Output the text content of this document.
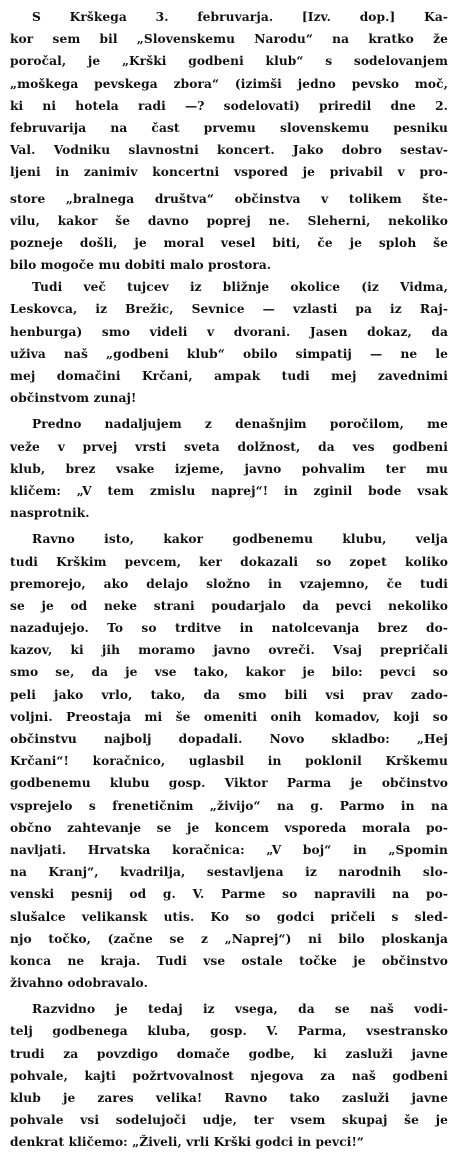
S Krškega 3. februvarja. [Izv. dop.] Ka-
kor sem bil „Slovenskemu Narodu“ na kratko že
poročal, je „Krški godbeni klub“ s sodelovanjem
„moškega pevskega zbora“ (izimši jedno pevsko moč,
ki ni hotela radi —? sodelovati) priredil dne 2.
februvarija na čast prvemu slovenskemu pesniku
Val. Vodniku slavnostni koncert. Jako dobro sestav-
ljeni in zanimiv koncertni vspored je privabil v pro-
store „bralnega društva“ občinstva v tolikem šte-
vilu, kakor še davno poprej ne. Sleherni, nekoliko
pozneje došli, je moral vesel biti, če je sploh še
bilo mogoče mu dobiti malo prostora.
Tudi več tujcev iz bližnje okolice (iz Vidma,
Leskovca, iz Brežic, Sevnice — vzlasti pa iz Raj-
henburga) smo videli v dvorani. Jasen dokaz, da
uživa naš „godbeni klub“ obilo simpatij — ne le
mej domačini Krčani, ampak tudi mej zavednimi
občinstvom zunaj!
Predno nadaljujem z denašnjim poročilom, me
veže v prvej vrsti sveta dolžnost, da ves godbeni
klub, brez vsake izjeme, javno pohvalim ter mu
kličem: „V tem zmislu naprej“! in zginil bode vsak
nasprotnik.
Ravno isto, kakor godbenemu klubu, velja
tudi Krškim pevcem, ker dokazali so zopet koliko
premorejo, ako delajo složno in vzajemno, če tudi
se je od neke strani poudarjalo da pevci nekoliko
nazadujejo. To so trditve in natolcevanja brez do-
kazov, ki jih moramo javno ovreči. Vsaj prepričali
smo se, da je vse tako, kakor je bilo: pevci so
peli jako vrlo, tako, da smo bili vsi prav zado-
voljni. Preostaja mi še omeniti onih komadov, koji so
občinstvu najbolj dopadali. Novo skladbo: „Hej
Krčani“! koračnico, uglasbil in poklonil Krškemu
godbenemu klubu gosp. Viktor Parma je občinstvo
vsprejelo s frenetičnim „živijo“ na g. Parmo in na
občno zahtevanje se je koncem vsporeda morala po-
navljati. Hrvatska koračnica: „V boj“ in „Spomin
na Kranj“, kvadrilja, sestavljena iz narodnih slo-
venski pesnij od g. V. Parme so napravili na po-
slušalce velikansk utis. Ko so godci pričeli s sled-
njo točko, (začne se z „Naprej“) ni bilo ploskanja
konca ne kraja. Tudi vse ostale točke je občinstvo
živahno odobravalo.
Razvidno je tedaj iz vsega, da se naš vodi-
telj godbenega kluba, gosp. V. Parma, vsestransko
trudi za povzdigo domače godbe, ki zasluži javne
pohvale, kajti požrtvovalnost njegova za naš godbeni
klub je zares velika! Ravno tako zasluži javne
pohvale vsi sodelujoči udje, ter vsem skupaj še je
denkrat kličemo: „Živeli, vrli Krški godci in pevci!“
